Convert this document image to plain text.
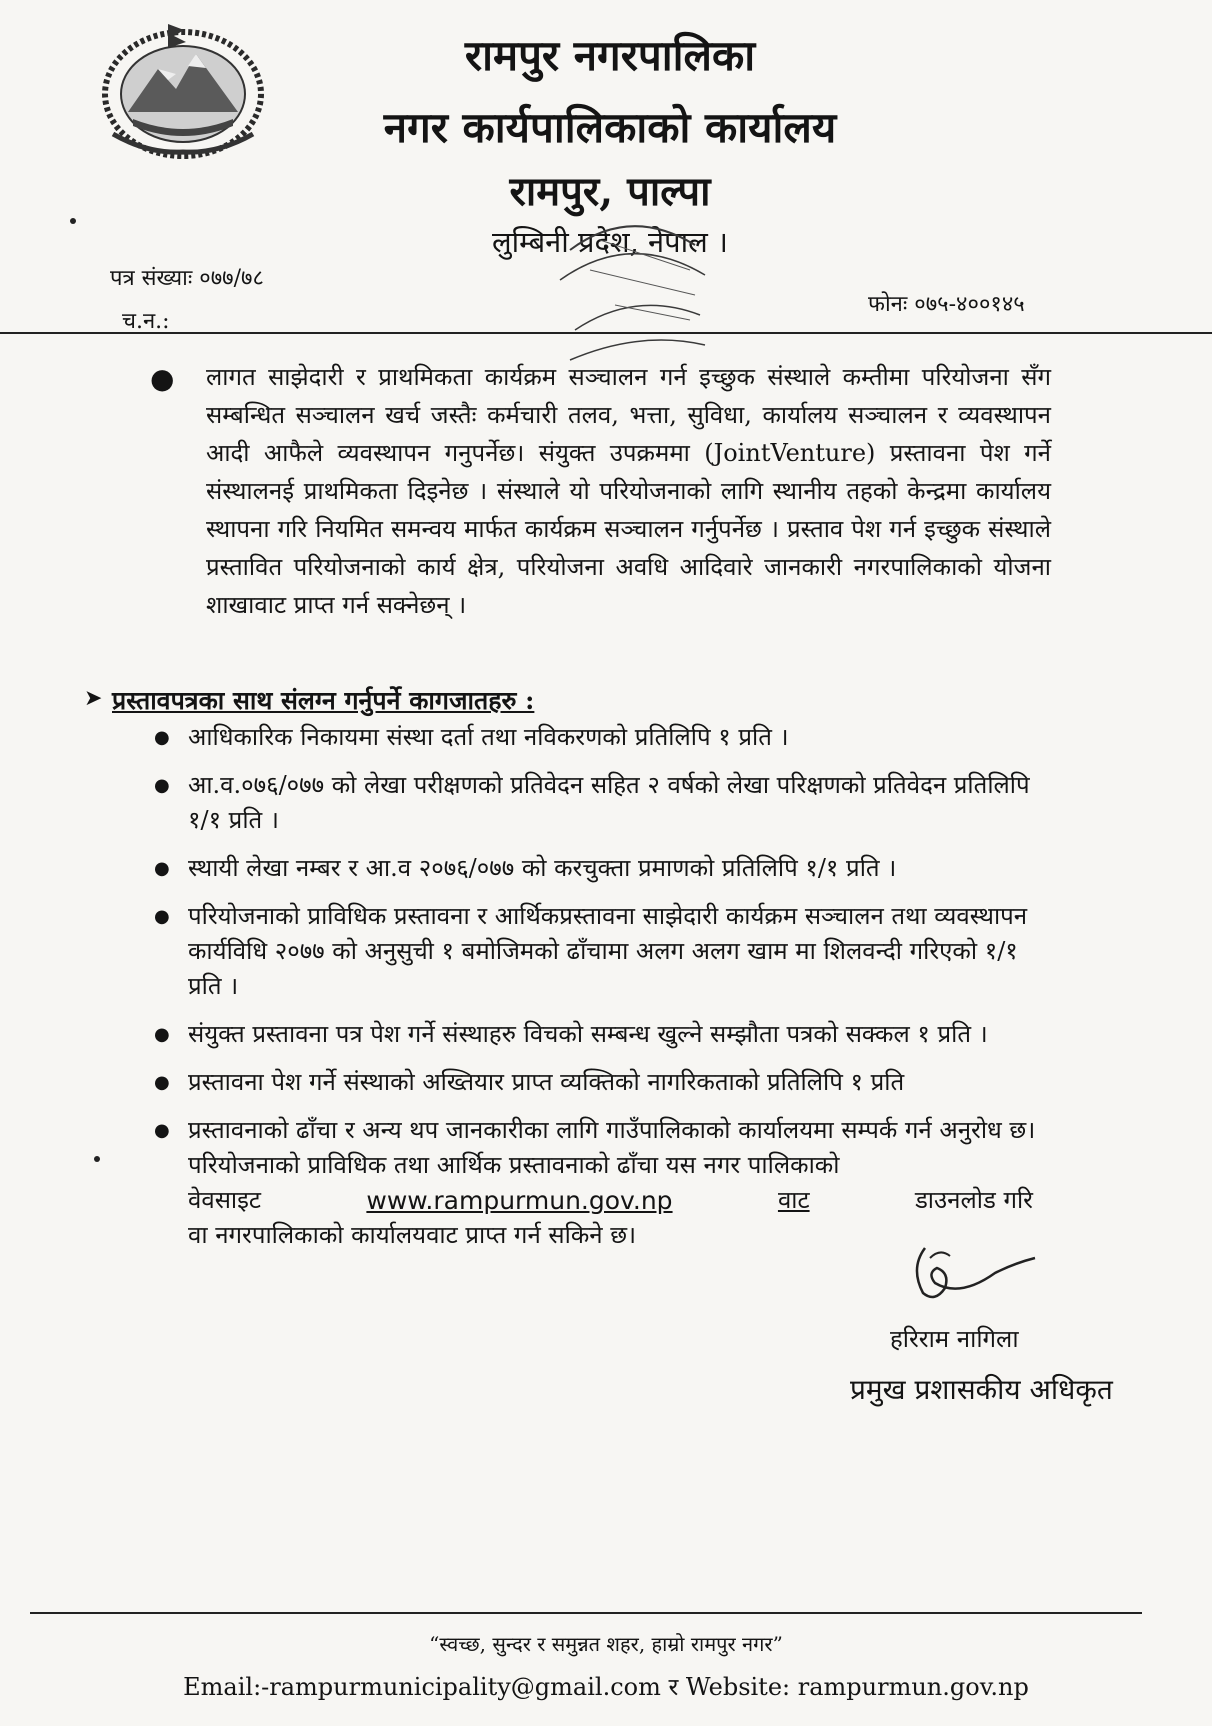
रामपुर नगरपालिका
नगर कार्यपालिकाको कार्यालय
रामपुर, पाल्पा
लुम्बिनी प्रदेश, नेपाल ।
पत्र संख्याः ०७७/७८
च.न.:
फोनः ०७५-४००१४५
● लागत साझेदारी र प्राथमिकता कार्यक्रम सञ्चालन गर्न इच्छुक संस्थाले कम्तीमा परियोजना सँग सम्बन्धित सञ्चालन खर्च जस्तैः कर्मचारी तलव, भत्ता, सुविधा, कार्यालय सञ्चालन र व्यवस्थापन आदी आफैले व्यवस्थापन गनुपर्नेछ। संयुक्त उपक्रममा (JointVenture) प्रस्तावना पेश गर्ने संस्थालनई प्राथमिकता दिइनेछ । संस्थाले यो परियोजनाको लागि स्थानीय तहको केन्द्रमा कार्यालय स्थापना गरि नियमित समन्वय मार्फत कार्यक्रम सञ्चालन गर्नुपर्नेछ । प्रस्ताव पेश गर्न इच्छुक संस्थाले प्रस्तावित परियोजनाको कार्य क्षेत्र, परियोजना अवधि आदिवारे जानकारी नगरपालिकाको योजना शाखावाट प्राप्त गर्न सक्नेछन् ।
➤ प्रस्तावपत्रका साथ संलग्न गर्नुपर्ने कागजातहरु :
● आधिकारिक निकायमा संस्था दर्ता तथा नविकरणको प्रतिलिपि १ प्रति ।
● आ.व.०७६/०७७ को लेखा परीक्षणको प्रतिवेदन सहित २ वर्षको लेखा परिक्षणको प्रतिवेदन प्रतिलिपि १/१ प्रति ।
● स्थायी लेखा नम्बर र आ.व २०७६/०७७ को करचुक्ता प्रमाणको प्रतिलिपि १/१ प्रति ।
● परियोजनाको प्राविधिक प्रस्तावना र आर्थिकप्रस्तावना साझेदारी कार्यक्रम सञ्चालन तथा व्यवस्थापन कार्यविधि २०७७ को अनुसुची १ बमोजिमको ढाँचामा अलग अलग खाम मा शिलवन्दी गरिएको १/१ प्रति ।
● संयुक्त प्रस्तावना पत्र पेश गर्ने संस्थाहरु विचको सम्बन्ध खुल्ने सम्झौता पत्रको सक्कल १ प्रति ।
● प्रस्तावना पेश गर्ने संस्थाको अख्तियार प्राप्त व्यक्तिको नागरिकताको प्रतिलिपि १ प्रति
● प्रस्तावनाको ढाँचा र अन्य थप जानकारीका लागि गाउँपालिकाको कार्यालयमा सम्पर्क गर्न अनुरोध छ। परियोजनाको प्राविधिक तथा आर्थिक प्रस्तावनाको ढाँचा यस नगर पालिकाको
वेवसाइट	www.rampurmun.gov.np	वाट	डाउनलोड गरि
वा नगरपालिकाको कार्यालयवाट प्राप्त गर्न सकिने छ।
हरिराम नागिला
प्रमुख प्रशासकीय अधिकृत
“स्वच्छ, सुन्दर र समुन्नत शहर, हाम्रो रामपुर नगर”
Email:-rampurmunicipality@gmail.com र Website: rampurmun.gov.np
